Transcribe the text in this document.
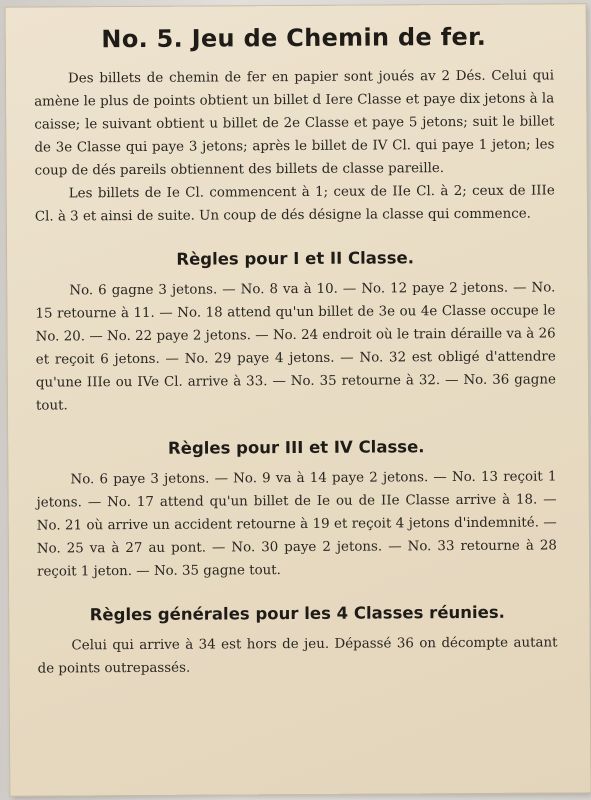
No. 5. Jeu de Chemin de fer.

Des billets de chemin de fer en papier sont joués av 2 Dés. Celui qui amène le plus de points obtient un billet d Iere Classe et paye dix jetons à la caisse; le suivant obtient u billet de 2e Classe et paye 5 jetons; suit le billet de 3e Classe qui paye 3 jetons; après le billet de IV Cl. qui paye 1 jeton; les coup de dés pareils obtiennent des billets de classe pareille.

Les billets de Ie Cl. commencent à 1; ceux de IIe Cl. à 2; ceux de IIIe Cl. à 3 et ainsi de suite. Un coup de dés désigne la classe qui commence.

Règles pour I et II Classe.

No. 6 gagne 3 jetons. — No. 8 va à 10. — No. 12 paye 2 jetons. — No. 15 retourne à 11. — No. 18 attend qu'un billet de 3e ou 4e Classe occupe le No. 20. — No. 22 paye 2 jetons. — No. 24 endroit où le train déraille va à 26 et reçoit 6 jetons. — No. 29 paye 4 jetons. — No. 32 est obligé d'attendre qu'une IIIe ou IVe Cl. arrive à 33. — No. 35 retourne à 32. — No. 36 gagne tout.

Règles pour III et IV Classe.

No. 6 paye 3 jetons. — No. 9 va à 14 paye 2 jetons. — No. 13 reçoit 1 jetons. — No. 17 attend qu'un billet de Ie ou de IIe Classe arrive à 18. — No. 21 où arrive un accident retourne à 19 et reçoit 4 jetons d'indemnité. — No. 25 va à 27 au pont. — No. 30 paye 2 jetons. — No. 33 retourne à 28 reçoit 1 jeton. — No. 35 gagne tout.

Règles générales pour les 4 Classes réunies.

Celui qui arrive à 34 est hors de jeu. Dépassé 36 on décompte autant de points outrepassés.
